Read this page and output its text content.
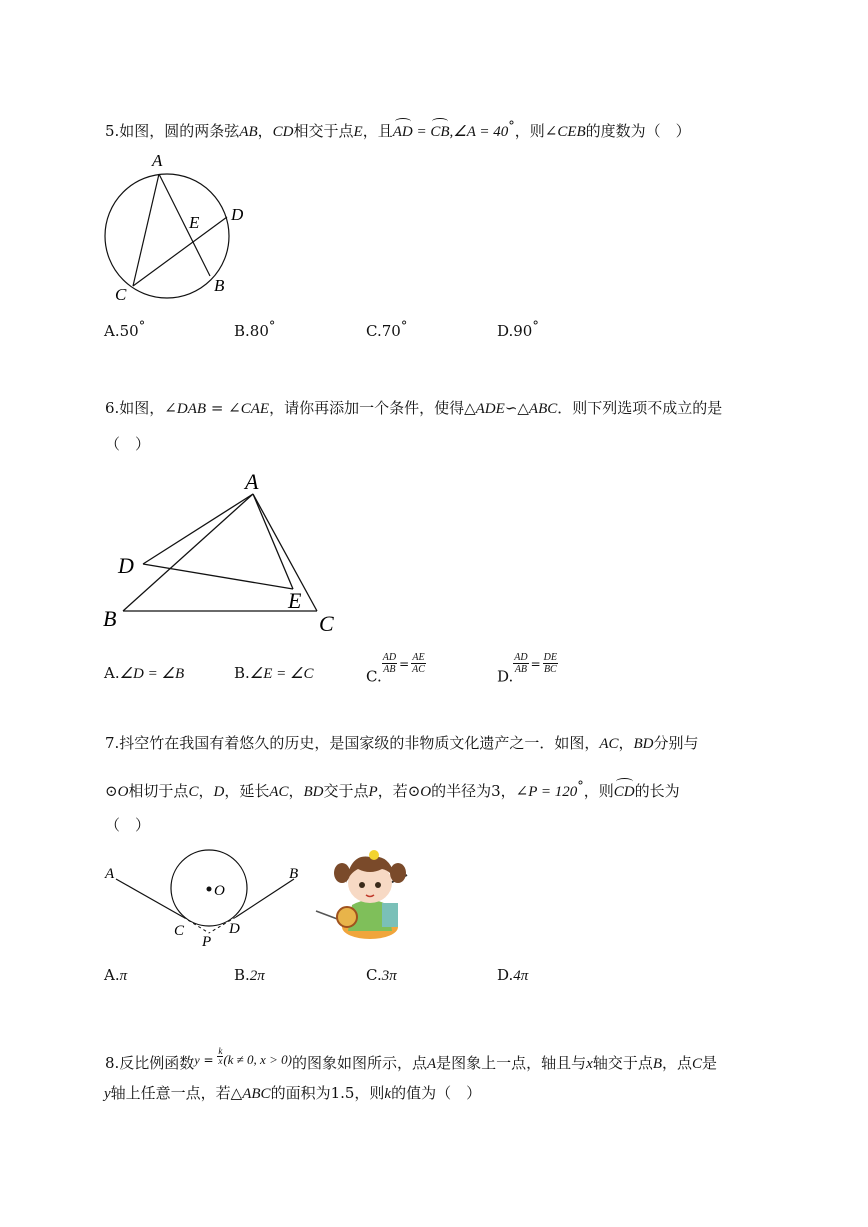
5.如图，圆的两条弦AB，CD相交于点E，且AD = CB,∠A = 40°，则∠CEB的度数为（　）
A
D
E
B
C
A.50°	B.80°	C.70°	D.90°
6.如图，∠DAB = ∠CAE，请你再添加一个条件，使得△ADE∽△ABC．则下列选项不成立的是
（　）
A
D
E
B	C
A.∠D = ∠B	B.∠E = ∠C	C.
$\frac{AD}{AB} = \frac{AE}{AC}$
D.
$\frac{AD}{AB} = \frac{DE}{BC}$
7.抖空竹在我国有着悠久的历史，是国家级的非物质文化遗产之一．如图，AC，BD分别与
⊙O相切于点C，D，延长AC，BD交于点P，若⊙O的半径为3，∠P = 120°，则CD的长为
（　）
A	B
O
C	D
P
A.π	B.2π	C.3π	D.4π
8.反比例函数$^y$ $^= \frac{k}{x} (k \ne 0$, x > 0)的图象如图所示，点A是图象上一点，轴且与x轴交于点B，点C是
y轴上任意一点，若△ABC的面积为1.5，则k的值为（　）
